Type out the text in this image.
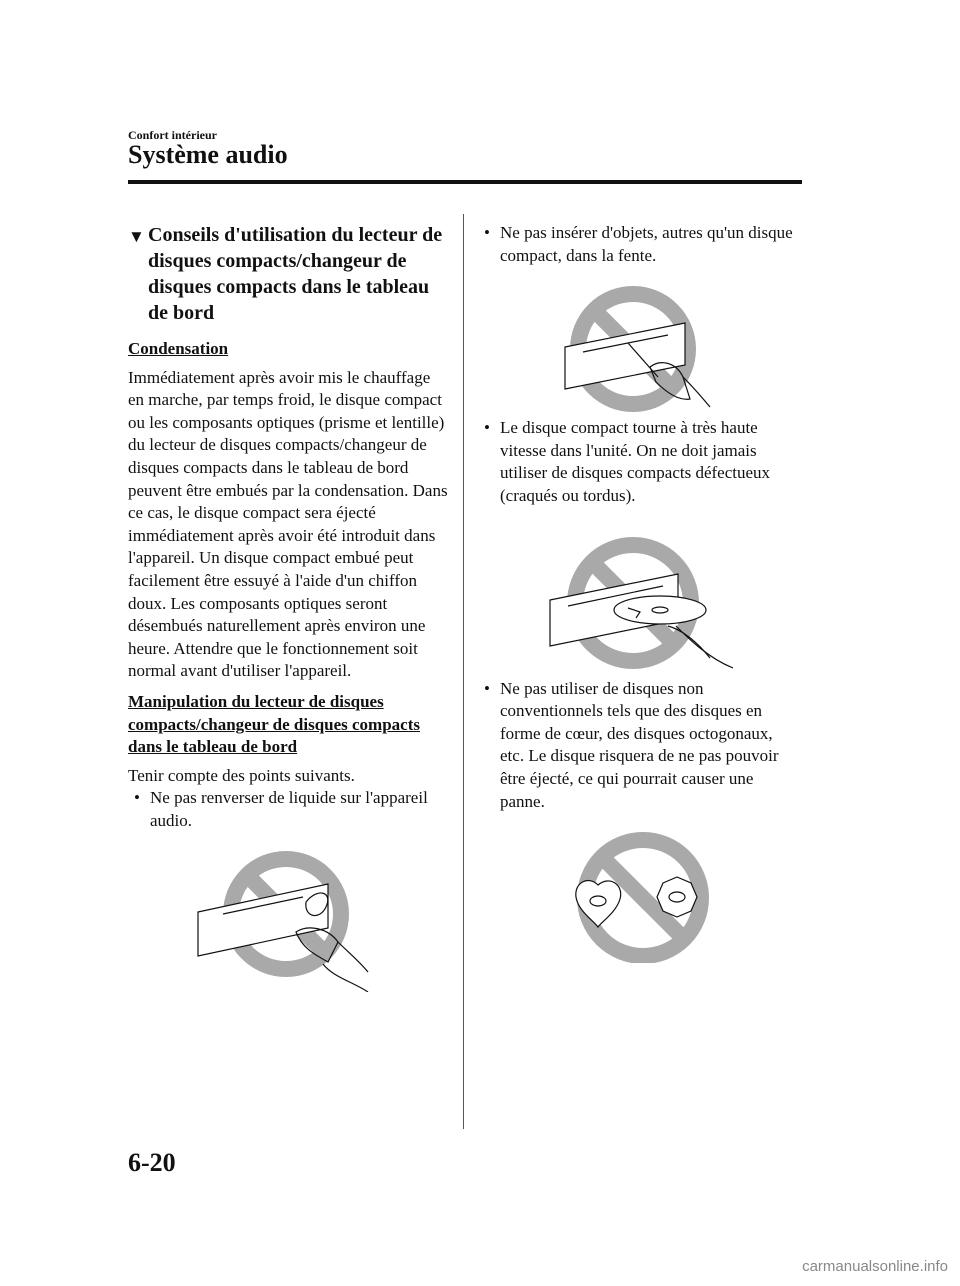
Confort intérieur
Système audio
▼ Conseils d'utilisation du lecteur de disques compacts/changeur de disques compacts dans le tableau de bord
Condensation

Immédiatement après avoir mis le chauffage en marche, par temps froid, le disque compact ou les composants optiques (prisme et lentille) du lecteur de disques compacts/changeur de disques compacts dans le tableau de bord peuvent être embués par la condensation. Dans ce cas, le disque compact sera éjecté immédiatement après avoir été introduit dans l'appareil. Un disque compact embué peut facilement être essuyé à l'aide d'un chiffon doux. Les composants optiques seront désembués naturellement après environ une heure. Attendre que le fonctionnement soit normal avant d'utiliser l'appareil.

Manipulation du lecteur de disques compacts/changeur de disques compacts dans le tableau de bord

Tenir compte des points suivants.

• Ne pas renverser de liquide sur l'appareil audio.
• Ne pas insérer d'objets, autres qu'un disque compact, dans la fente.
• Le disque compact tourne à très haute vitesse dans l'unité. On ne doit jamais utiliser de disques compacts défectueux (craqués ou tordus).
• Ne pas utiliser de disques non conventionnels tels que des disques en forme de cœur, des disques octogonaux, etc. Le disque risquera de ne pas pouvoir être éjecté, ce qui pourrait causer une panne.
6-20
carmanualsonline.info
